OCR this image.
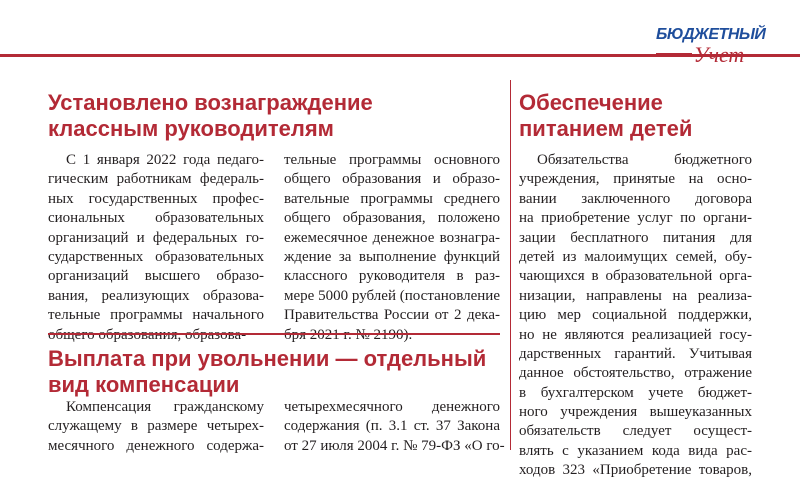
БЮДЖЕТНЫЙ
Учет
Установлено вознаграждение классным руководителям
С 1 января 2022 года педаго-
гическим работникам федераль-
ных государственных профес-
сиональных образовательных
организаций и федеральных го-
сударственных образовательных
организаций высшего образо-
вания, реализующих образова-
тельные программы начального
тельные программы основного
общего образования и образо-
вательные программы среднего
общего образования, положено
ежемесячное денежное вознагра-
ждение за выполнение функций
классного руководителя в раз-
мере 5000 рублей (постановление
Правительства России от 2 дека-
Выплата при увольнении — отдельный вид компенсации
Компенсация гражданскому
служащему в размере четырех-
месячного денежного содержа-
четырехмесячного денежного
содержания (п. 3.1 ст. 37 Закона
от 27 июля 2004 г. № 79-ФЗ «О го-
Обеспечение питанием детей
Обязательства бюджетного
учреждения, принятые на осно-
вании заключенного договора
на приобретение услуг по органи-
зации бесплатного питания для
детей из малоимущих семей, обу-
чающихся в образовательной орга-
низации, направлены на реализа-
цию мер социальной поддержки,
но не являются реализацией госу-
дарственных гарантий. Учитывая
данное обстоятельство, отражение
в бухгалтерском учете бюджет-
ного учреждения вышеуказанных
обязательств следует осущест-
влять с указанием кода вида рас-
ходов 323 «Приобретение товаров,
